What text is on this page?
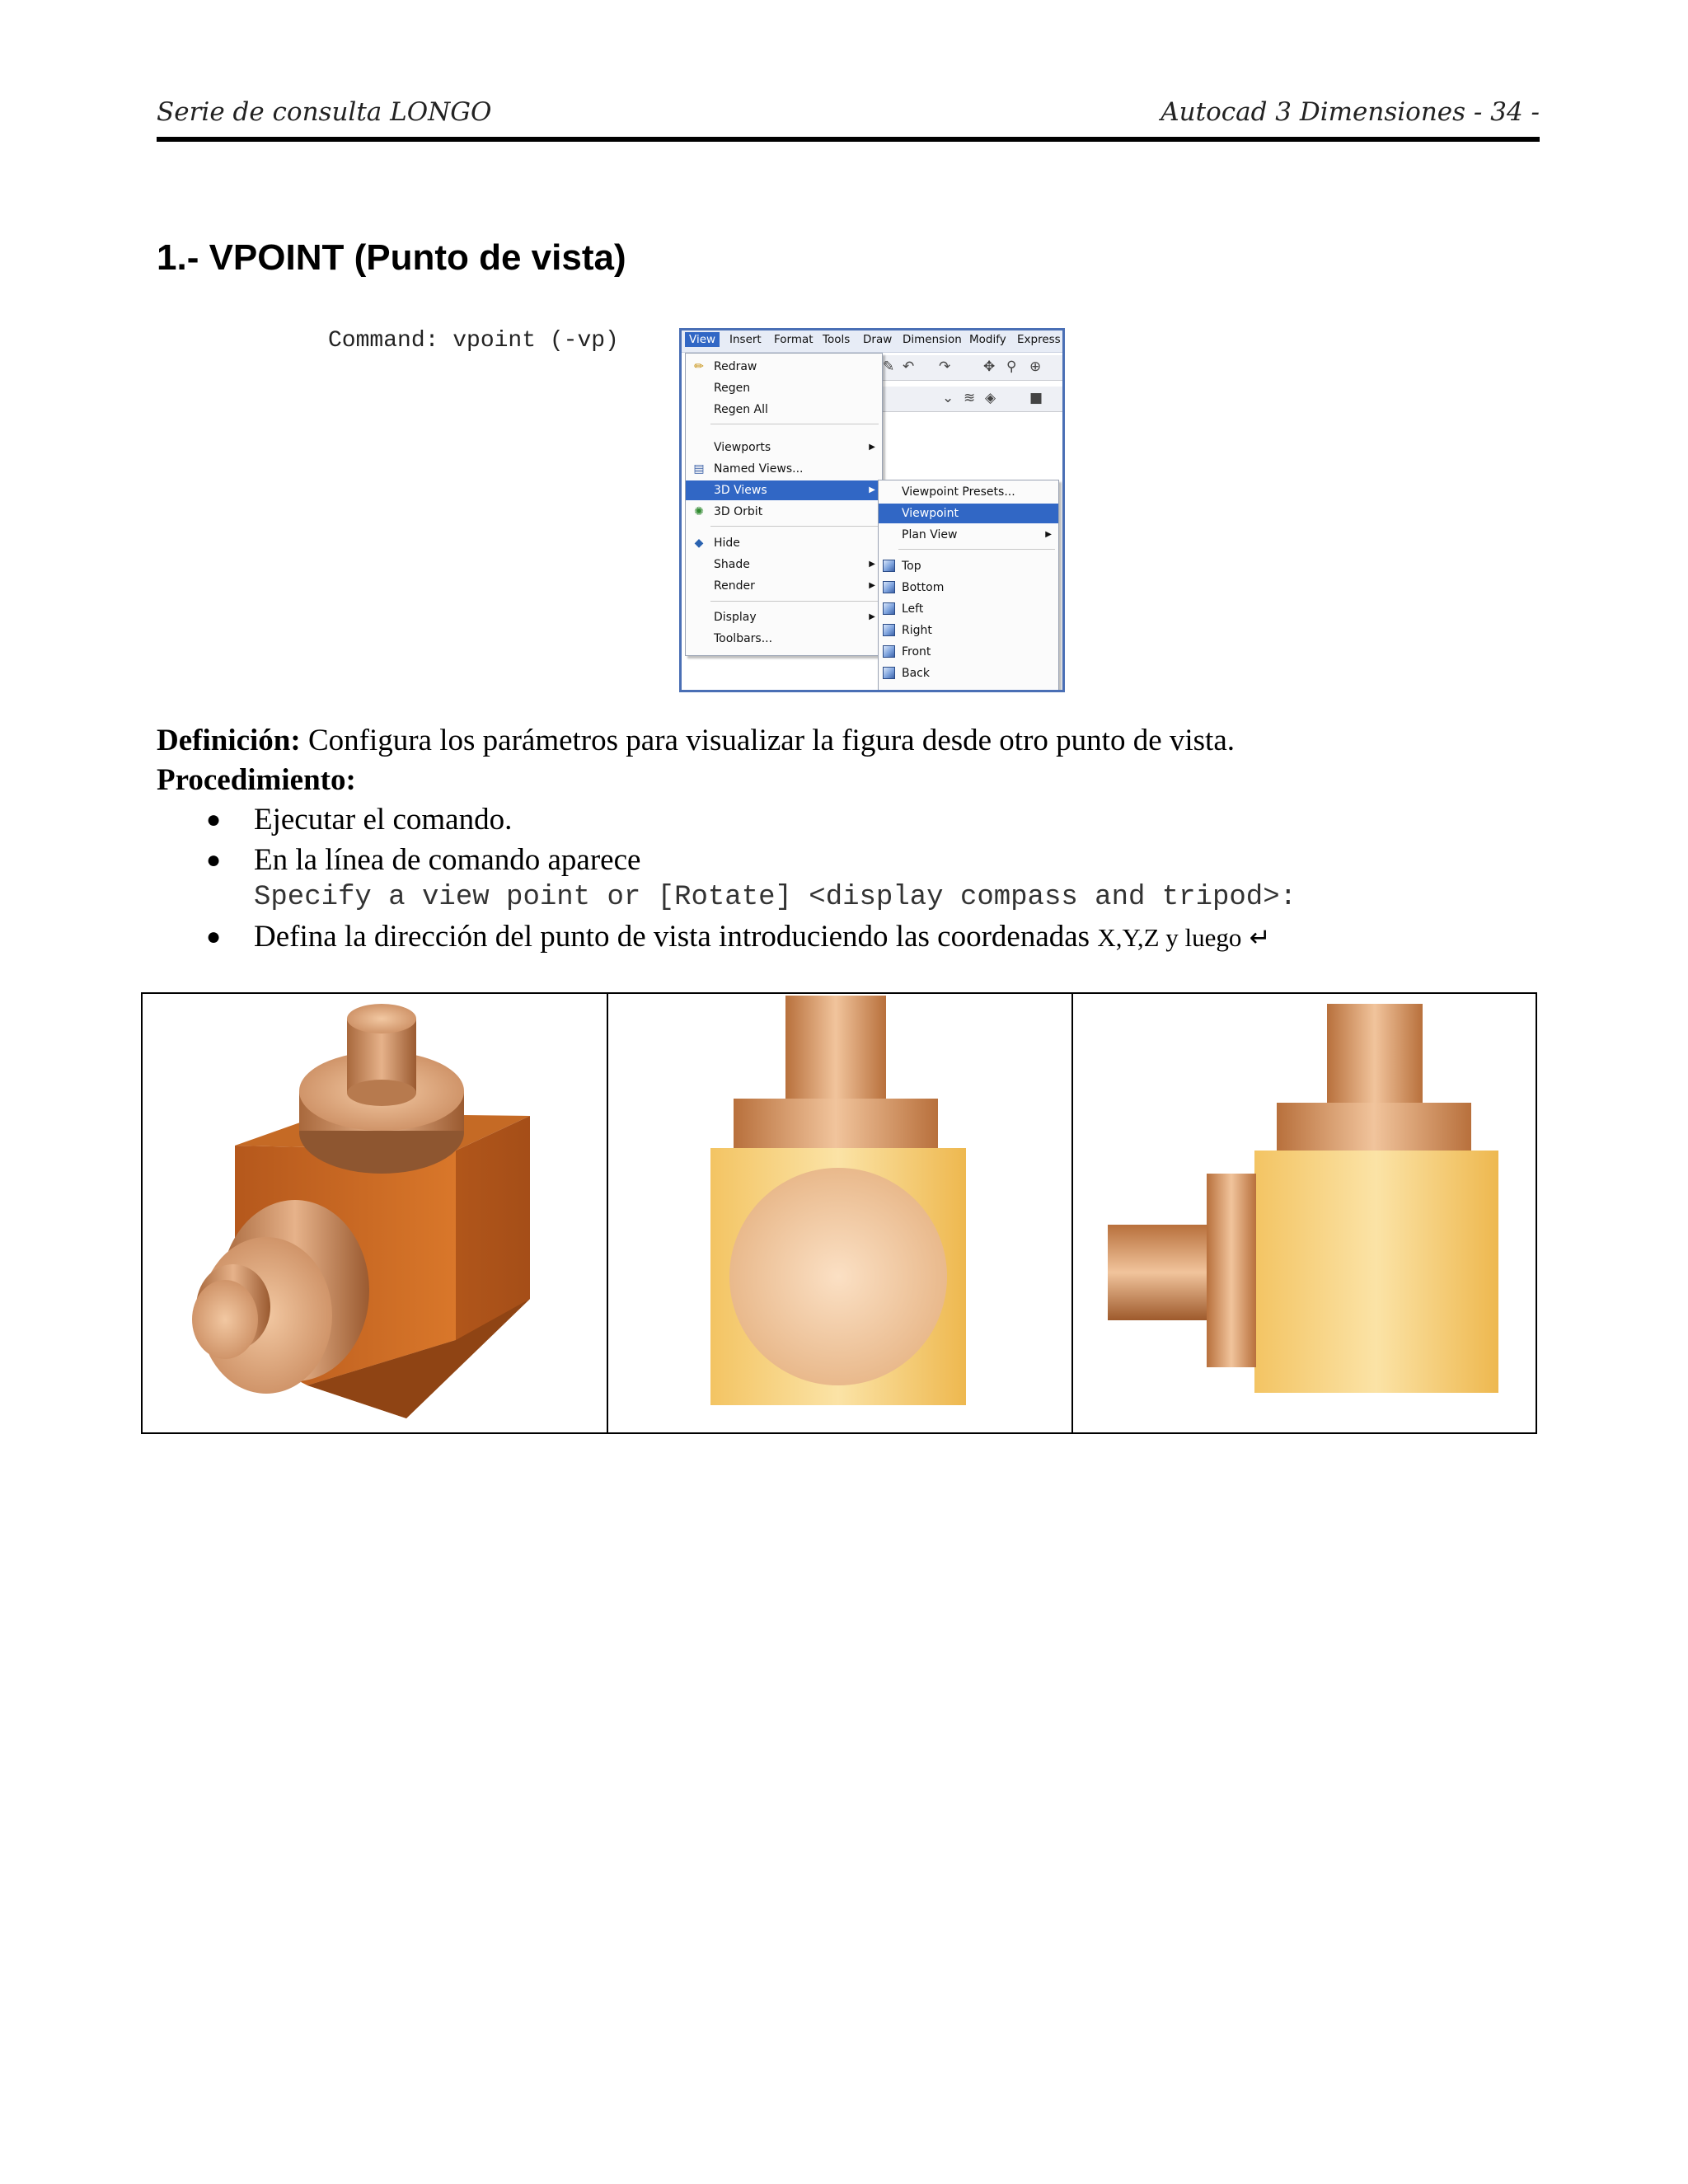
Serie de consulta LONGO	Autocad 3 Dimensiones - 34 -
1.- VPOINT (Punto de vista)
Command: vpoint (-vp)	View	Insert Format Tools Draw Dimension Modify Express
✎ ↶ ↷ ✥ ⚲ ⊕
⌄ ≋ ◈ ■
✏ Redraw
Regen
Regen All
Viewports	▶
▤ Named Views...
3D Views	▶
✺ 3D Orbit
◆ Hide
Shade	▶
Render	▶
Display	▶
Toolbars...
Viewpoint Presets...
Viewpoint
Plan View	▶
Top
Bottom
Left
Right
Front
Back
Definición: Configura los parámetros para visualizar la figura desde otro punto de vista.
Procedimiento:
● Ejecutar el comando.
● En la línea de comando aparece
Specify a view point or [Rotate] <display compass and tripod>:
● Defina la dirección del punto de vista introduciendo las coordenadas X,Y,Z y luego ↵
